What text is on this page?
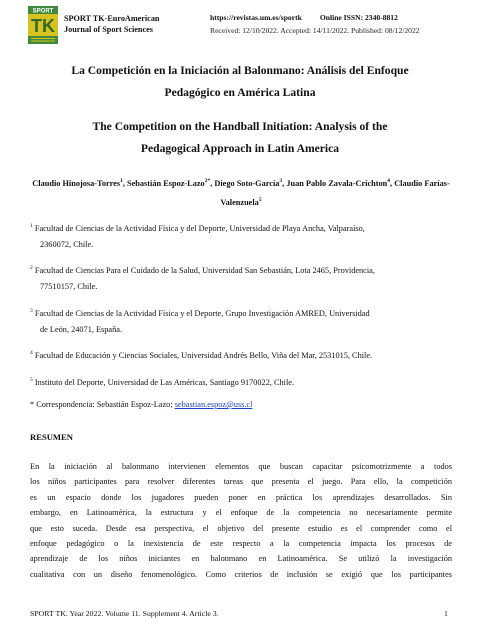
SPORT
TK SPORT TK-EuroAmerican
Journal of Sport Sciences
https://revistas.um.es/sportk Online ISSN: 2340-8812
Received: 12/10/2022. Accepted: 14/11/2022. Published: 08/12/2022
La Competición en la Iniciación al Balonmano: Análisis del Enfoque
Pedagógico en América Latina
The Competition on the Handball Initiation: Analysis of the
Pedagogical Approach in Latin America
Claudio Hinojosa-Torres$^1$, Sebastián Espoz-Lazo$^{2*}$, Diego Soto-García$^3$, Juan Pablo Zavala-Crichton$^4$, Claudio Farías-Valenzuela$^5$
$^1$ Facultad de Ciencias de la Actividad Física y del Deporte, Universidad de Playa Ancha, Valparaíso,
2360072, Chile.
$^2$ Facultad de Ciencias Para el Cuidado de la Salud, Universidad San Sebastián, Lota 2465, Providencia,
77510157, Chile.
$^3$ Facultad de Ciencias de la Actividad Física y el Deporte, Grupo Investigación AMRED, Universidad
de León, 24071, España.
$^4$ Facultad de Educación y Ciencias Sociales, Universidad Andrés Bello, Viña del Mar, 2531015, Chile.
$^5$ Instituto del Deporte, Universidad de Las Américas, Santiago 9170022, Chile.
* Correspondencia: Sebastián Espoz-Lazo; sebastian.espoz@uss.cl
RESUMEN
En la iniciación al balonmano intervienen elementos que buscan capacitar psicomotrizmente a todos
los niños participantes para resolver diferentes tareas que presenta el juego. Para ello, la competición
es un espacio donde los jugadores pueden poner en práctica los aprendizajes desarrollados. Sin
embargo, en Latinoamérica, la estructura y el enfoque de la competencia no necesariamente permite
que esto suceda. Desde esa perspectiva, el objetivo del presente estudio es el comprender como el
enfoque pedagógico o la inexistencia de este respecto a la competencia impacta los procesos de
aprendizaje de los niños iniciantes en balonmano en Latinoamérica. Se utilizó la investigación
cualitativa con un diseño fenomenológico. Como criterios de inclusión se exigió que los participantes
SPORT TK. Year 2022. Volume 11. Supplement 4. Article 3.	1
